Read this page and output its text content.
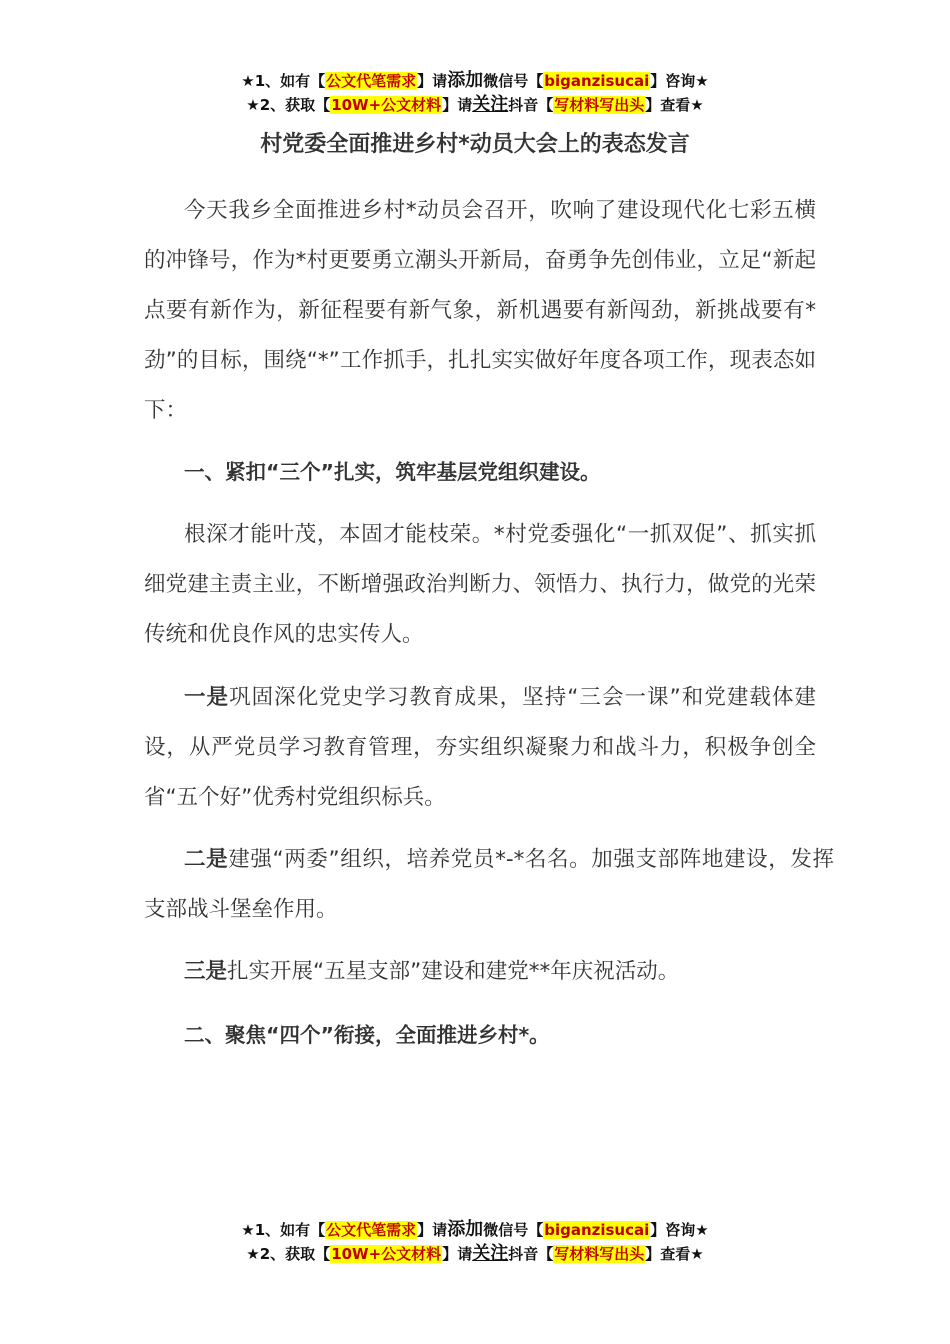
★1、如有【公文代笔需求】请添加微信号【biganzisucai】咨询★
★2、获取【10W+公文材料】请关注抖音【写材料写出头】查看★
村党委全面推进乡村*动员大会上的表态发言

今天我乡全面推进乡村*动员会召开，吹响了建设现代化七彩五横的冲锋号，作为*村更要勇立潮头开新局，奋勇争先创伟业，立足“新起点要有新作为，新征程要有新气象，新机遇要有新闯劲，新挑战要有*劲”的目标，围绕“*”工作抓手，扎扎实实做好年度各项工作，现表态如下：

一、紧扣“三个”扎实，筑牢基层党组织建设。

根深才能叶茂，本固才能枝荣。*村党委强化“一抓双促”、抓实抓细党建主责主业，不断增强政治判断力、领悟力、执行力，做党的光荣传统和优良作风的忠实传人。

一是巩固深化党史学习教育成果，坚持“三会一课”和党建载体建设，从严党员学习教育管理，夯实组织凝聚力和战斗力，积极争创全省“五个好”优秀村党组织标兵。

二是建强“两委”组织，培养党员*-*名名。加强支部阵地建设，发挥支部战斗堡垒作用。

三是扎实开展“五星支部”建设和建党**年庆祝活动。

二、聚焦“四个”衔接，全面推进乡村*。

★1、如有【公文代笔需求】请添加微信号【biganzisucai】咨询★
★2、获取【10W+公文材料】请关注抖音【写材料写出头】查看★
